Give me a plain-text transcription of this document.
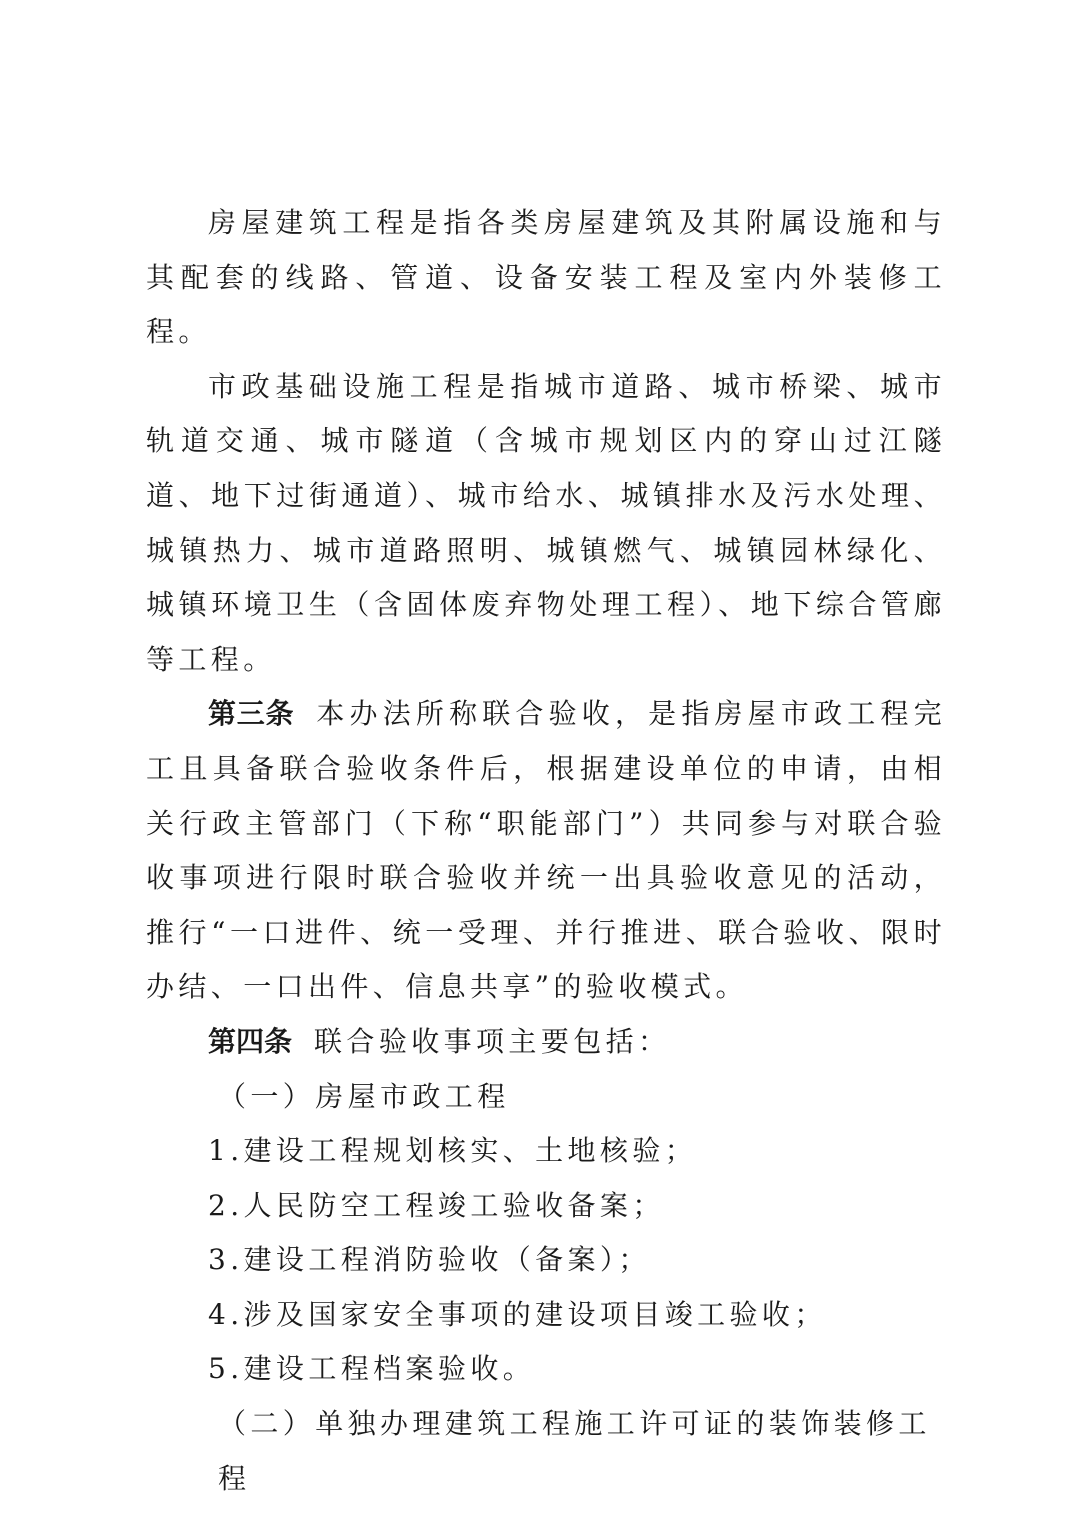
房屋建筑工程是指各类房屋建筑及其附属设施和与其配套的线路、管道、设备安装工程及室内外装修工程。

市政基础设施工程是指城市道路、城市桥梁、城市轨道交通、城市隧道（含城市规划区内的穿山过江隧道、地下过街通道）、城市给水、城镇排水及污水处理、城镇热力、城市道路照明、城镇燃气、城镇园林绿化、城镇环境卫生（含固体废弃物处理工程）、地下综合管廊等工程。

第三条 本办法所称联合验收，是指房屋市政工程完工且具备联合验收条件后，根据建设单位的申请，由相关行政主管部门（下称“职能部门”）共同参与对联合验收事项进行限时联合验收并统一出具验收意见的活动，推行“一口进件、统一受理、并行推进、联合验收、限时办结、一口出件、信息共享”的验收模式。

第四条 联合验收事项主要包括：

（一）房屋市政工程

1.建设工程规划核实、土地核验；

2.人民防空工程竣工验收备案；

3.建设工程消防验收（备案）；

4.涉及国家安全事项的建设项目竣工验收；

5.建设工程档案验收。

（二）单独办理建筑工程施工许可证的装饰装修工程
